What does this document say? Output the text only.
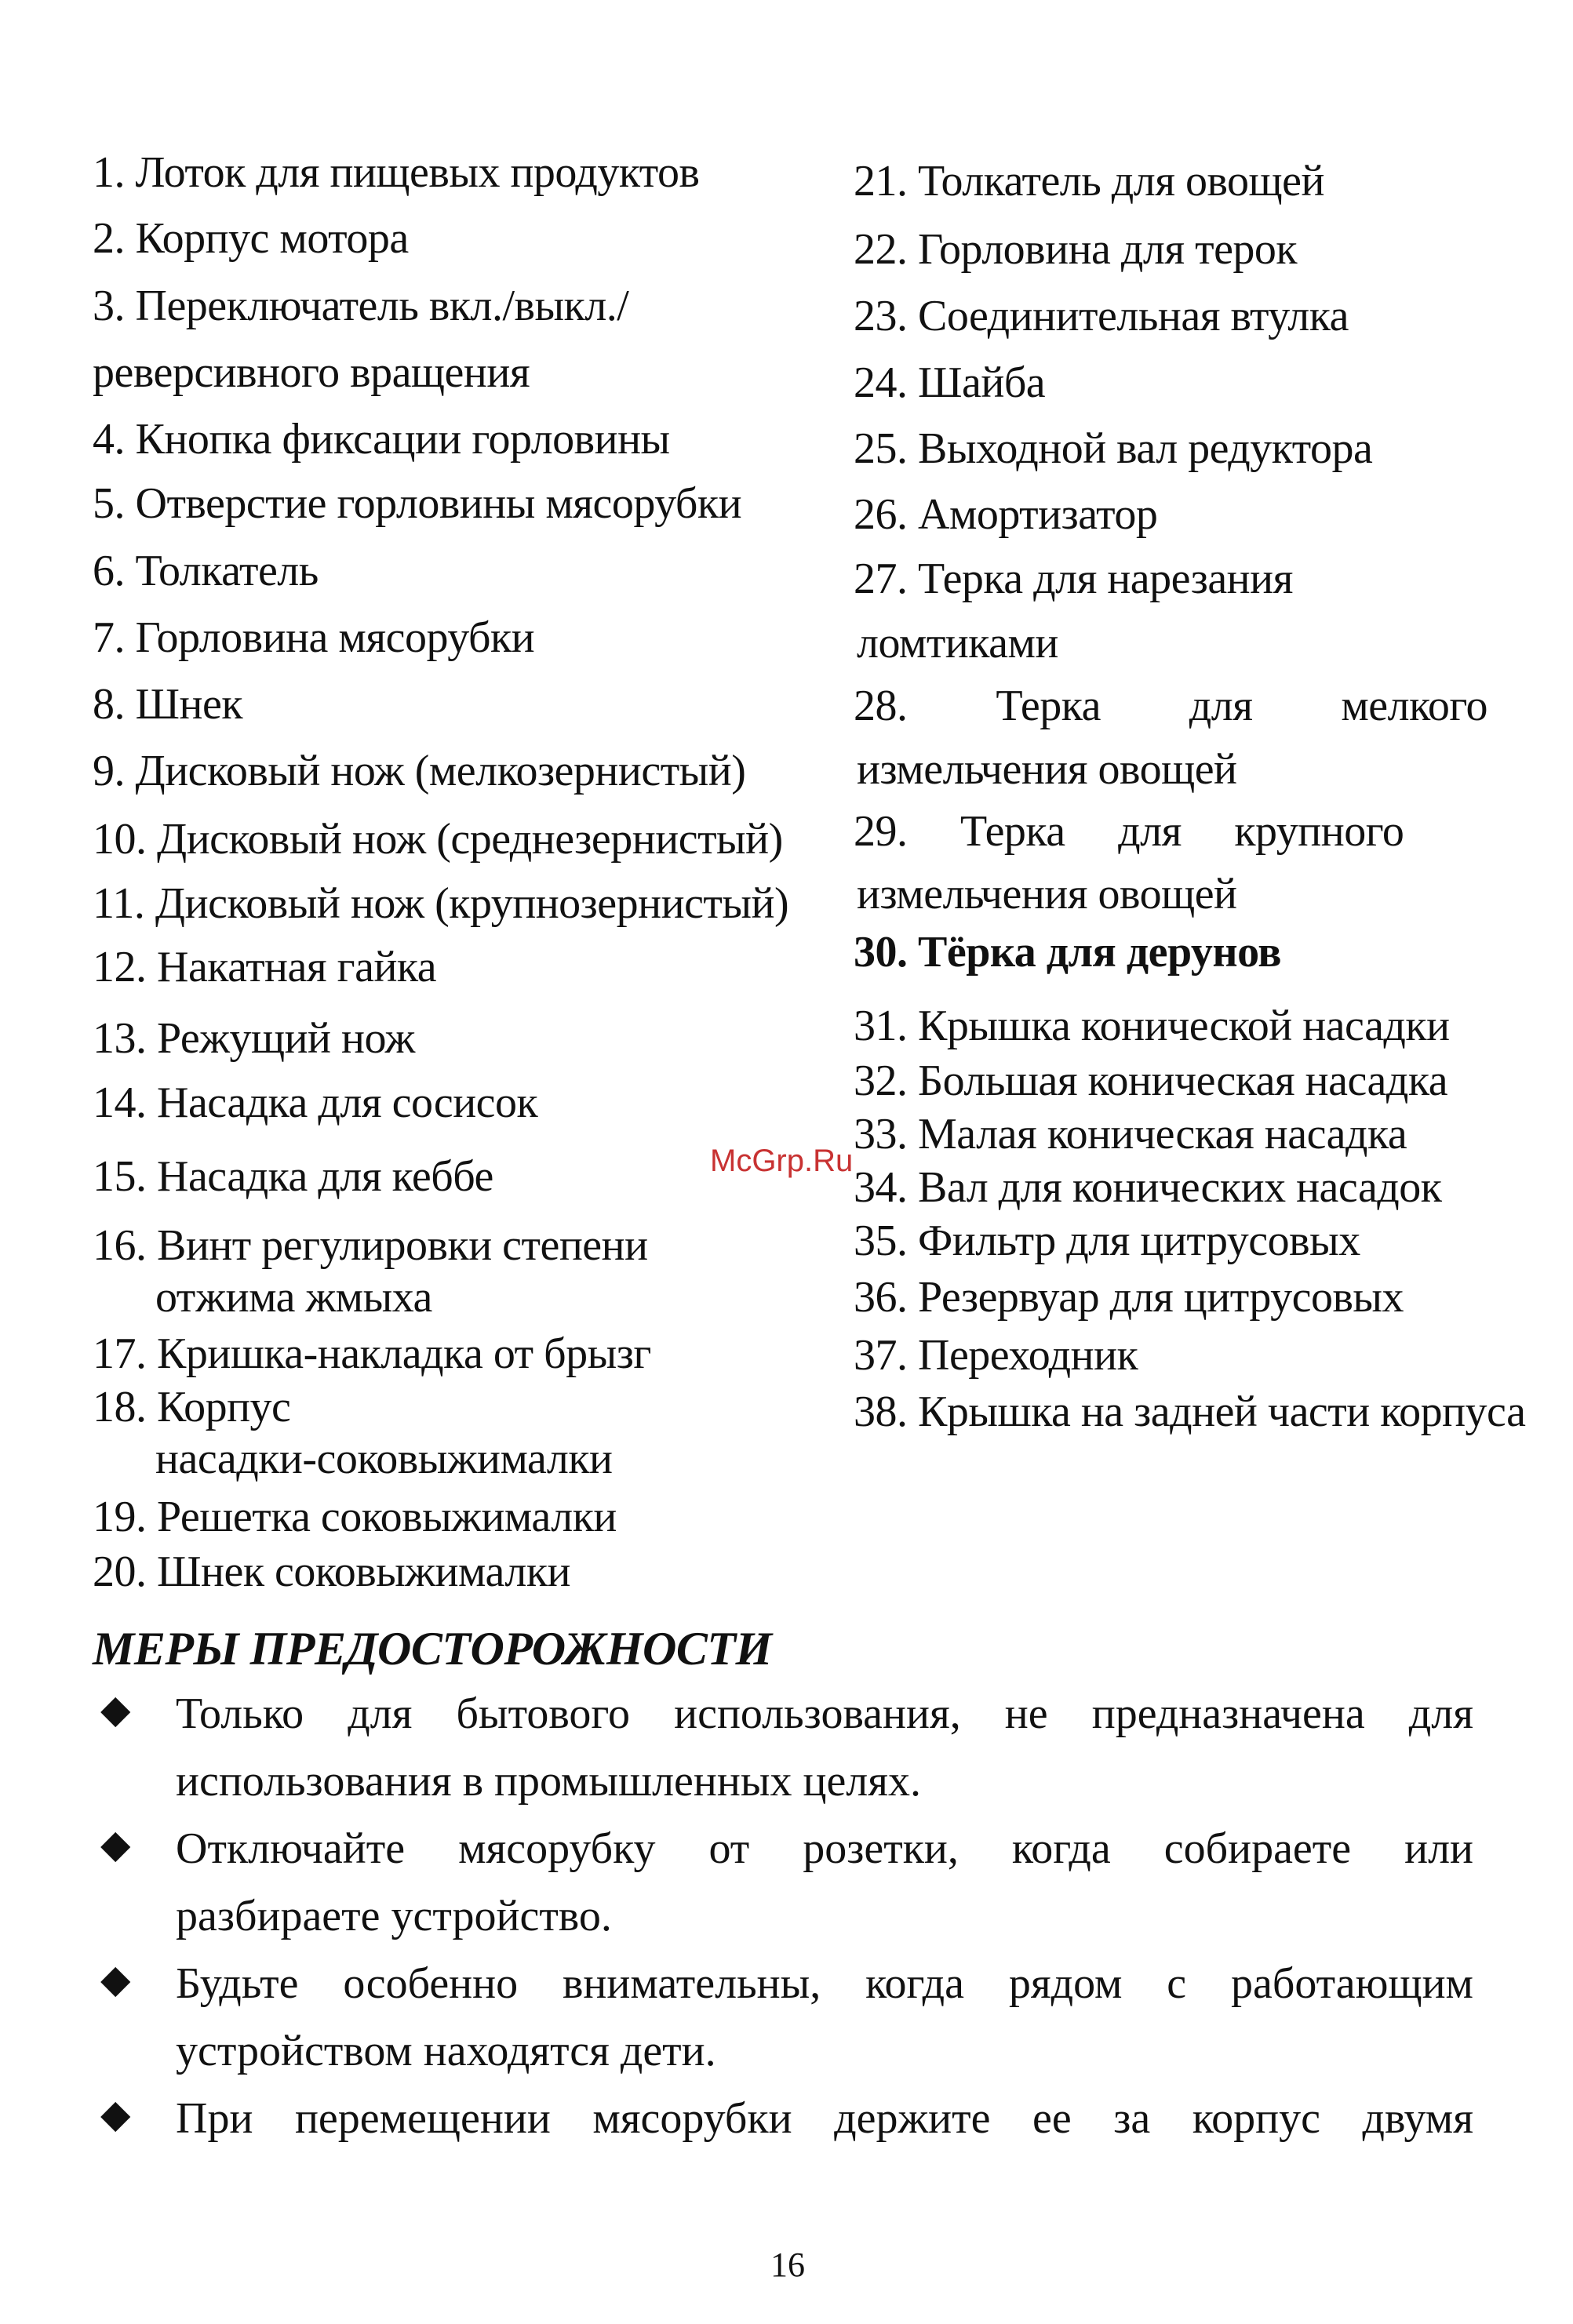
1. Лоток для пищевых продуктов
2. Корпус мотора
3. Переключатель вкл./выкл./
реверсивного вращения
4. Кнопка фиксации горловины
5. Отверстие горловины мясорубки
6. Толкатель
7. Горловина мясорубки
8. Шнек
9. Дисковый нож (мелкозернистый)
10. Дисковый нож (среднезернистый)
11. Дисковый нож (крупнозернистый)
12. Накатная гайка
13. Режущий нож
14. Насадка для сосисок
15. Насадка для кеббе
16. Винт регулировки степени
отжима жмыха
17. Кришка-накладка от брызг
18. Корпус
насадки-соковыжималки
19. Решетка соковыжималки
20. Шнек соковыжималки
21. Толкатель для овощей
22. Горловина для терок
23. Соединительная втулка
24. Шайба
25. Выходной вал редуктора
26. Амортизатор
27. Терка для нарезания
ломтиками
28.     Терка     для     мелкого
измельчения овощей
29.     Терка     для     крупного
измельчения овощей
30. Тёрка для дерунов
31. Крышка конической насадки
32. Большая коническая насадка
33. Малая коническая насадка
34. Вал для конических насадок
35. Фильтр для цитрусовых
36. Резервуар для цитрусовых
37. Переходник
38. Крышка на задней части корпуса
McGrp.Ru
МЕРЫ ПРЕДОСТОРОЖНОСТИ
◆ Только для бытового использования, не предназначена для
использования в промышленных целях.
◆ Отключайте мясорубку от розетки, когда собираете или
разбираете устройство.
◆ Будьте особенно внимательны, когда рядом с работающим
устройством находятся дети.
◆ При перемещении мясорубки держите ее за корпус двумя
16
